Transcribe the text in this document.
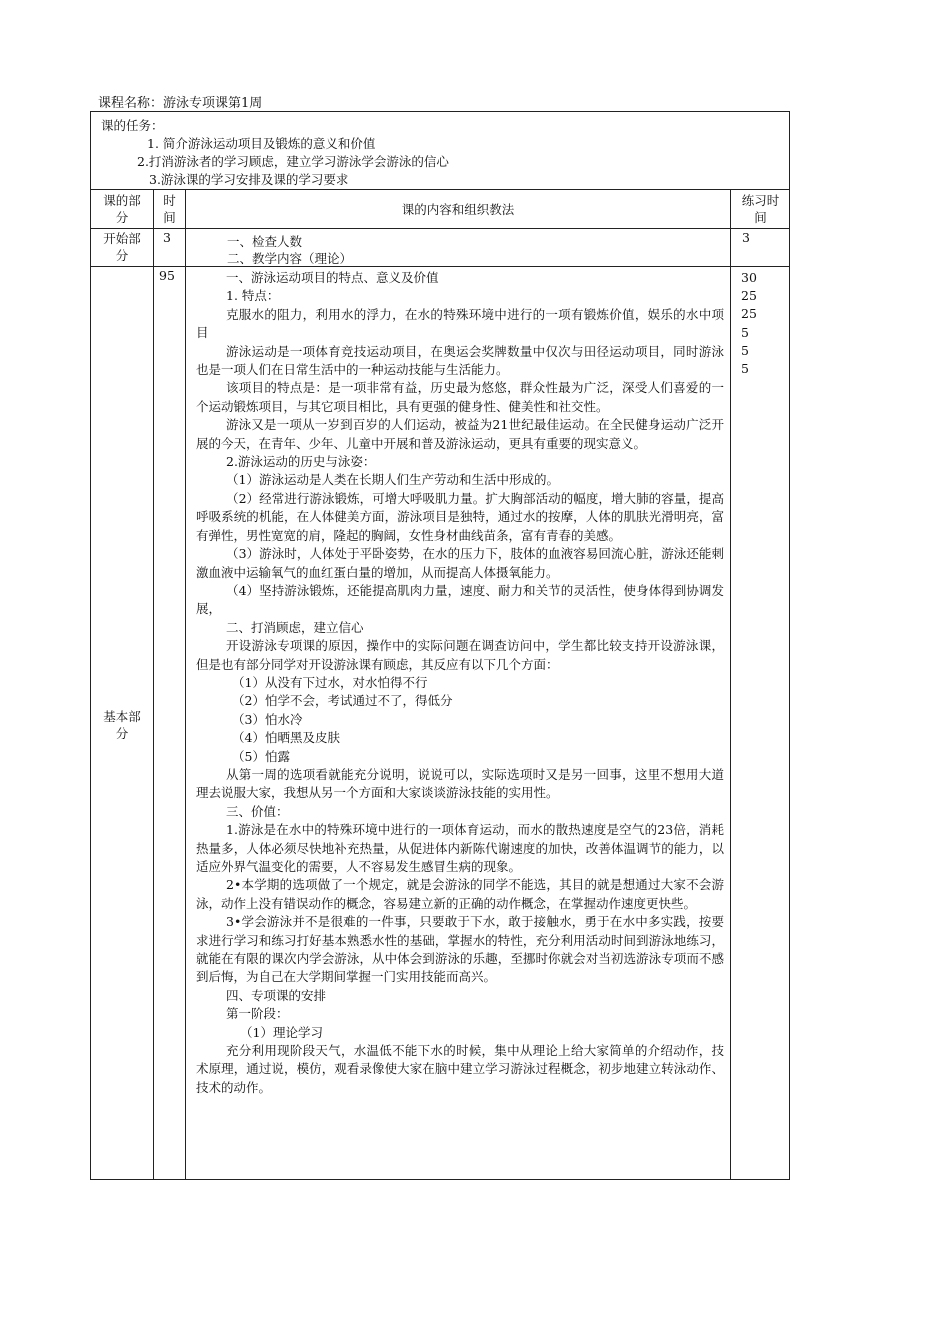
课程名称：游泳专项课第1周
课的任务：
1. 简介游泳运动项目及锻炼的意义和价值
2.打消游泳者的学习顾虑，建立学习游泳学会游泳的信心
3.游泳课的学习安排及课的学习要求
课的部
分
时
间
课的内容和组织教法
练习时
间
开始部
分
3	一、检查人数
二、教学内容（理论）
3
基本部
分
95	一、游泳运动项目的特点、意义及价值

1. 特点：

克服水的阻力，利用水的浮力，在水的特殊环境中进行的一项有锻炼价值，娱乐的水中项目

游泳运动是一项体育竞技运动项目，在奥运会奖牌数量中仅次与田径运动项目，同时游泳也是一项人们在日常生活中的一种运动技能与生活能力。

该项目的特点是：是一项非常有益，历史最为悠悠，群众性最为广泛，深受人们喜爱的一个运动锻炼项目，与其它项目相比，具有更强的健身性、健美性和社交性。

游泳又是一项从一岁到百岁的人们运动，被益为21世纪最佳运动。在全民健身运动广泛开展的今天，在青年、少年、儿童中开展和普及游泳运动，更具有重要的现实意义。

2.游泳运动的历史与泳姿：

（1）游泳运动是人类在长期人们生产劳动和生活中形成的。

（2）经常进行游泳锻炼，可增大呼吸肌力量。扩大胸部活动的幅度，增大肺的容量，提高呼吸系统的机能，在人体健美方面，游泳项目是独特，通过水的按摩，人体的肌肤光滑明亮，富有弹性，男性宽宽的肩，隆起的胸阔，女性身材曲线苗条，富有青春的美感。

（3）游泳时，人体处于平卧姿势，在水的压力下，肢体的血液容易回流心脏，游泳还能刺激血液中运输氧气的血红蛋白量的增加，从而提高人体摄氧能力。

（4）坚持游泳锻炼，还能提高肌肉力量，速度、耐力和关节的灵活性，使身体得到协调发展，

二、打消顾虑，建立信心

开设游泳专项课的原因，操作中的实际问题在调查访问中，学生都比较支持开设游泳课，但是也有部分同学对开设游泳课有顾虑，其反应有以下几个方面：

（1）从没有下过水，对水怕得不行

（2）怕学不会，考试通过不了，得低分

（3）怕水冷

（4）怕晒黑及皮肤

（5）怕露

从第一周的选项看就能充分说明，说说可以，实际选项时又是另一回事，这里不想用大道理去说服大家，我想从另一个方面和大家谈谈游泳技能的实用性。

三、价值：

1.游泳是在水中的特殊环境中进行的一项体育运动，而水的散热速度是空气的23倍，消耗热量多，人体必须尽快地补充热量，从促进体内新陈代谢速度的加快，改善体温调节的能力，以适应外界气温变化的需要，人不容易发生感冒生病的现象。

2•本学期的选项做了一个规定，就是会游泳的同学不能选，其目的就是想通过大家不会游泳，动作上没有错误动作的概念，容易建立新的正确的动作概念，在掌握动作速度更快些。

3•学会游泳并不是很难的一件事，只要敢于下水，敢于接触水，勇于在水中多实践，按要求进行学习和练习打好基本熟悉水性的基础，掌握水的特性，充分利用活动时间到游泳地练习，就能在有限的课次内学会游泳，从中体会到游泳的乐趣，至挪时你就会对当初选游泳专项而不感到后悔，为自己在大学期间掌握一门实用技能而高兴。

四、专项课的安排

第一阶段：

（1）理论学习

充分利用现阶段天气，水温低不能下水的时候，集中从理论上给大家简单的介绍动作，技术原理，通过说，模仿，观看录像使大家在脑中建立学习游泳过程概念，初步地建立转泳动作、技术的动作。

30
25
25
5
5
5
